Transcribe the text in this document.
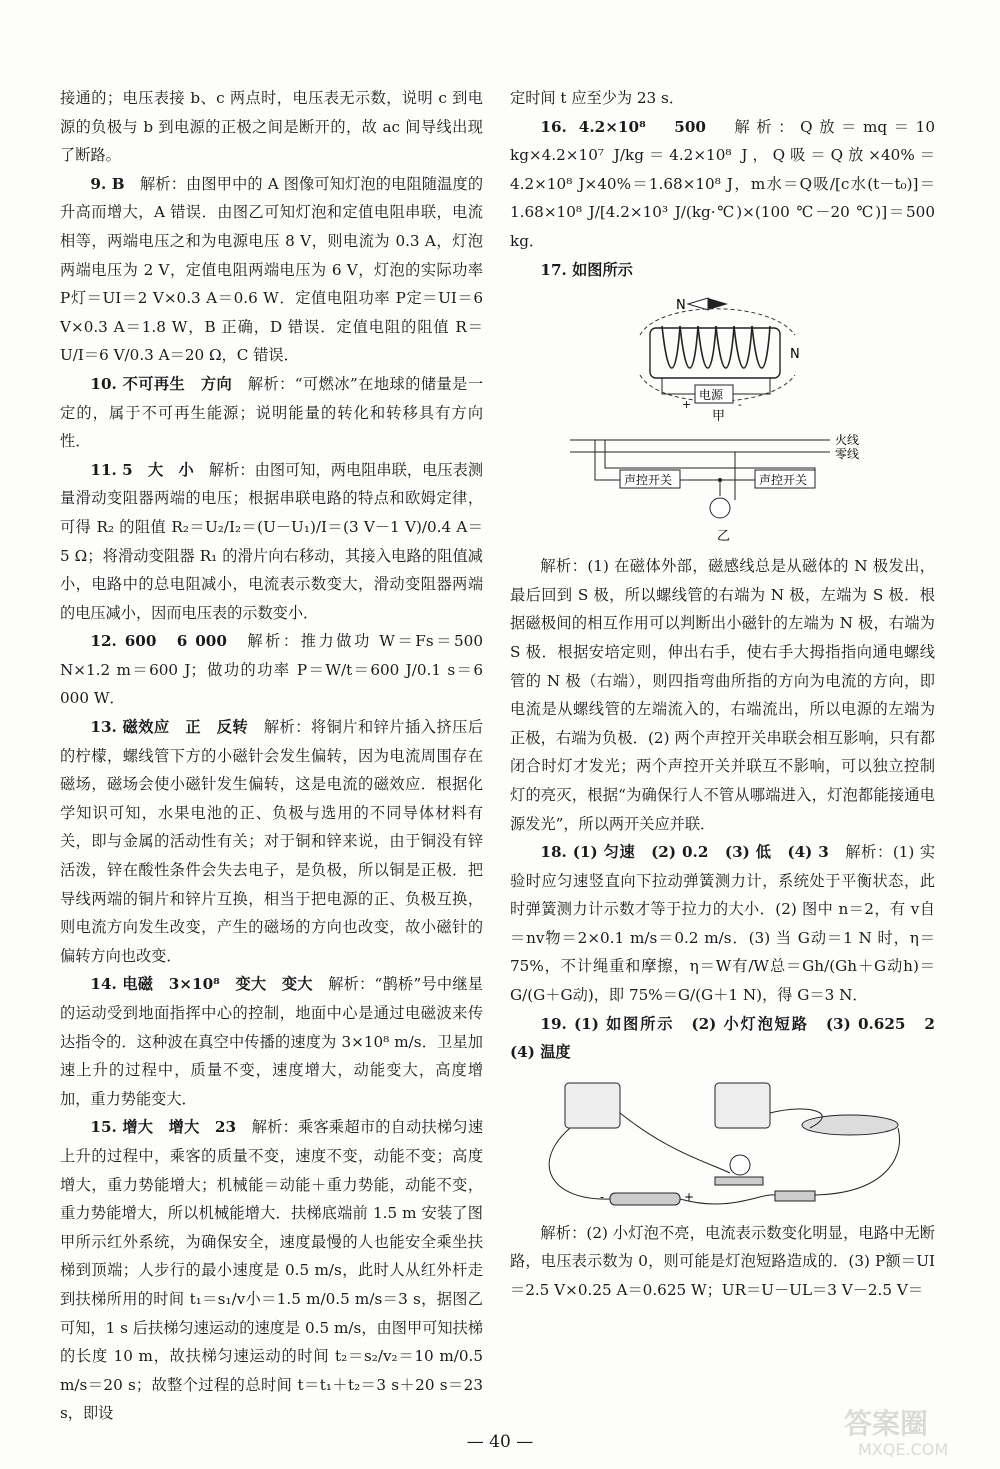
接通的；电压表接 b、c 两点时，电压表无示数，说明 c 到电源的负极与 b 到电源的正极之间是断开的，故 ac 间导线出现了断路。

9. B　 解析：由图甲中的 A 图像可知灯泡的电阻随温度的升高而增大，A 错误．由图乙可知灯泡和定值电阻串联，电流相等，两端电压之和为电源电压 8 V，则电流为 0.3 A，灯泡两端电压为 2 V，定值电阻两端电压为 6 V，灯泡的实际功率 P灯＝UI＝2 V×0.3 A＝0.6 W．定值电阻功率 P定＝UI＝6 V×0.3 A＝1.8 W，B 正确，D 错误．定值电阻的阻值 R＝U/I＝6 V/0.3 A＝20 Ω，C 错误．

10. 不可再生　方向　 解析：“可燃冰”在地球的储量是一定的，属于不可再生能源；说明能量的转化和转移具有方向性．

11. 5　大　小　 解析：由图可知，两电阻串联，电压表测量滑动变阻器两端的电压；根据串联电路的特点和欧姆定律，可得 R₂ 的阻值 R₂＝U₂/I₂＝(U－U₁)/I＝(3 V－1 V)/0.4 A＝5 Ω；将滑动变阻器 R₁ 的滑片向右移动，其接入电路的阻值减小，电路中的总电阻减小，电流表示数变大，滑动变阻器两端的电压减小，因而电压表的示数变小．

12. 600　6 000　 解析：推力做功 W＝Fs＝500 N×1.2 m＝600 J；做功的功率 P＝W/t＝600 J/0.1 s＝6 000 W．

13. 磁效应　正　反转　 解析：将铜片和锌片插入挤压后的柠檬，螺线管下方的小磁针会发生偏转，因为电流周围存在磁场，磁场会使小磁针发生偏转，这是电流的磁效应．根据化学知识可知，水果电池的正、负极与选用的不同导体材料有关，即与金属的活动性有关；对于铜和锌来说，由于铜没有锌活泼，锌在酸性条件会失去电子，是负极，所以铜是正极．把导线两端的铜片和锌片互换，相当于把电源的正、负极互换，则电流方向发生改变，产生的磁场的方向也改变，故小磁针的偏转方向也改变．

14. 电磁　3×10⁸　变大　变大　 解析：“鹊桥”号中继星的运动受到地面指挥中心的控制，地面中心是通过电磁波来传达指令的．这种波在真空中传播的速度为 3×10⁸ m/s．卫星加速上升的过程中，质量不变，速度增大，动能变大，高度增加，重力势能变大．

15. 增大　增大　23　 解析：乘客乘超市的自动扶梯匀速上升的过程中，乘客的质量不变，速度不变，动能不变；高度增大，重力势能增大；机械能＝动能＋重力势能，动能不变，重力势能增大，所以机械能增大．扶梯底端前 1.5 m 安装了图甲所示红外系统，为确保安全，速度最慢的人也能安全乘坐扶梯到顶端；人步行的最小速度是 0.5 m/s，此时人从红外杆走到扶梯所用的时间 t₁＝s₁/v小＝1.5 m/0.5 m/s＝3 s，据图乙可知，1 s 后扶梯匀速运动的速度是 0.5 m/s，由图甲可知扶梯的长度 10 m，故扶梯匀速运动的时间 t₂＝s₂/v₂＝10 m/0.5 m/s＝20 s；故整个过程的总时间 t＝t₁＋t₂＝3 s＋20 s＝23 s，即设

定时间 t 应至少为 23 s．

16. 4.2×10⁸　500　 解析：Q放＝mq＝10 kg×4.2×10⁷ J/kg＝4.2×10⁸ J，Q吸＝Q放×40%＝4.2×10⁸ J×40%＝1.68×10⁸ J，m水＝Q吸/[c水(t－t₀)]＝1.68×10⁸ J/[4.2×10³ J/(kg·℃)×(100 ℃－20 ℃)]＝500 kg．

17. 如图所示

N
N
电源
+	-
甲
火线
零线
声控开关	声控开关
乙

解析：(1) 在磁体外部，磁感线总是从磁体的 N 极发出，最后回到 S 极，所以螺线管的右端为 N 极，左端为 S 极．根据磁极间的相互作用可以判断出小磁针的左端为 N 极，右端为 S 极．根据安培定则，伸出右手，使右手大拇指指向通电螺线管的 N 极（右端），则四指弯曲所指的方向为电流的方向，即电流是从螺线管的左端流入的，右端流出，所以电源的左端为正极，右端为负极．(2) 两个声控开关串联会相互影响，只有都闭合时灯才发光；两个声控开关并联互不影响，可以独立控制灯的亮灭，根据“为确保行人不管从哪端进入，灯泡都能接通电源发光”，所以两开关应并联．

18. (1) 匀速　(2) 0.2　(3) 低　(4) 3　 解析：(1) 实验时应匀速竖直向下拉动弹簧测力计，系统处于平衡状态，此时弹簧测力计示数才等于拉力的大小．(2) 图中 n＝2，有 v自＝nv物＝2×0.1 m/s＝0.2 m/s．(3) 当 G动＝1 N 时，η＝75%，不计绳重和摩擦，η＝W有/W总＝Gh/(Gh＋G动h)＝G/(G＋G动)，即 75%＝G/(G＋1 N)，得 G＝3 N．

19. (1) 如图所示　(2) 小灯泡短路　(3) 0.625　2　(4) 温度

-	+

解析：(2) 小灯泡不亮，电流表示数变化明显，电路中无断路，电压表示数为 0，则可能是灯泡短路造成的．(3) P额＝UI＝2.5 V×0.25 A＝0.625 W；UR＝U－UL＝3 V－2.5 V＝

— 40 —
答案圈
MXQE.COM
